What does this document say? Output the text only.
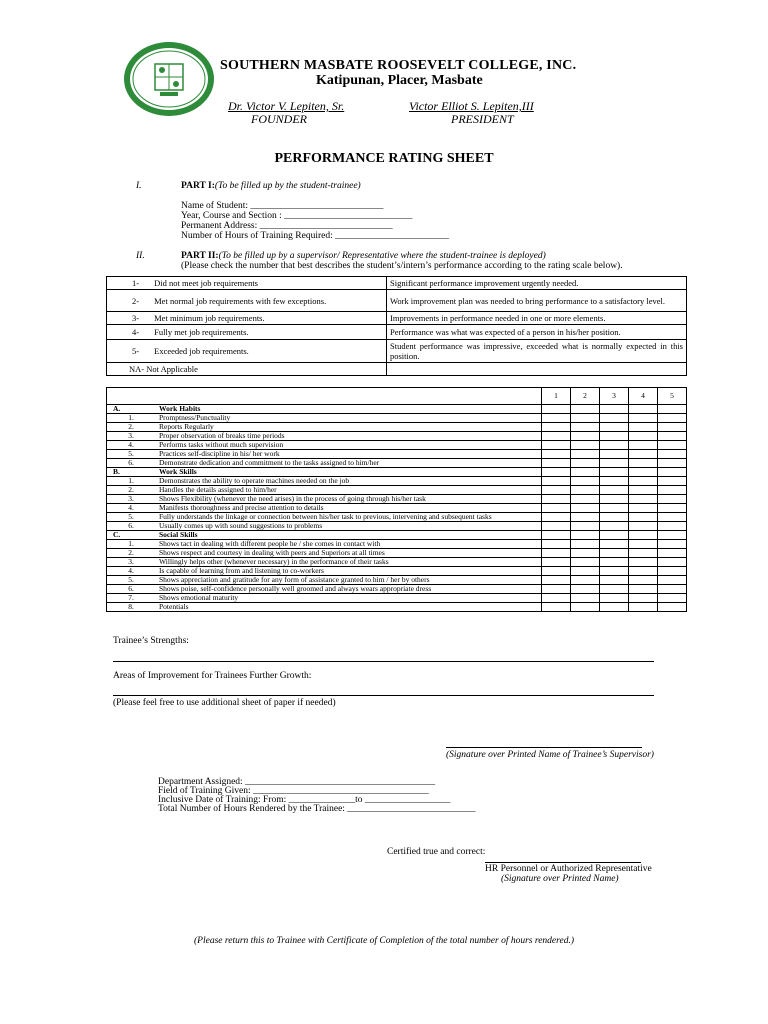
SOUTHERN MASBATE ROOSEVELT COLLEGE, INC.
Katipunan, Placer, Masbate
Dr. Victor V. Lepiten, Sr.
FOUNDER
Victor Elliot S. Lepiten,III
PRESIDENT
PERFORMANCE RATING SHEET
I.	PART I:(To be filled up by the student-trainee)
Name of Student: ____________________________
Year, Course and Section : ___________________________
Permanent Address: ____________________________
Number of Hours of Training Required: ________________________
II.	PART II:(To be filled up by a supervisor/ Representative where the student-trainee is deployed)
(Please check the number that best describes the student’s/intern’s performance according to the rating scale below).
1- Did not meet job requirements	Significant performance improvement urgently needed.
2- Met normal job requirements with few exceptions.	Work improvement plan was needed to bring performance to a satisfactory level.
3- Met minimum job requirements.	Improvements in performance needed in one or more elements.
4- Fully met job requirements.	Performance was what was expected of a person in his/her position.
5- Exceeded job requirements.	Student performance was impressive, exceeded what is normally expected in this position.
NA- Not Applicable	
		1	2	3	4	5
A.	Work Habits					
1.	Promptness/Punctuality					
2.	Reports Regularly					
3.	Proper observation of breaks time periods					
4.	Performs tasks without much supervision					
5.	Practices self-discipline in his/ her work					
6.	Demonstrate dedication and commitment to the tasks assigned to him/her					
B.	Work Skills					
1.	Demonstrates the ability to operate machines needed on the job					
2.	Handles the details assigned to him/her					
3.	Shows Flexibility (whenever the need arises) in the process of going through his/her task					
4.	Manifests thoroughness and precise attention to details					
5.	Fully understands the linkage or connection between his/her task to previous, intervening and subsequent tasks					
6.	Usually comes up with sound suggestions to problems					
C.	Social Skills					
1.	Shows tact in dealing with different people he / she comes in contact with					
2.	Shows respect and courtesy in dealing with peers and Superiors at all times					
3.	Willingly helps other (whenever necessary) in the performance of their tasks					
4.	Is capable of learning from and listening to co-workers					
5.	Shows appreciation and gratitude for any form of assistance granted to him / her by others					
6.	Shows poise, self-confidence personally well groomed and always wears appropriate dress					
7.	Shows emotional maturity					
8.	Potentials					
Trainee’s Strengths:
Areas of Improvement for Trainees Further Growth:
(Please feel free to use additional sheet of paper if needed)
(Signature over Printed Name of Trainee’s Supervisor)
Department Assigned: ________________________________________
Field of Training Given: _____________________________________
Inclusive Date of Training: From: ______________to __________________
Total Number of Hours Rendered by the Trainee: ___________________________
Certified true and correct:
HR Personnel or Authorized Representative
(Signature over Printed Name)
(Please return this to Trainee with Certificate of Completion of the total number of hours rendered.)
